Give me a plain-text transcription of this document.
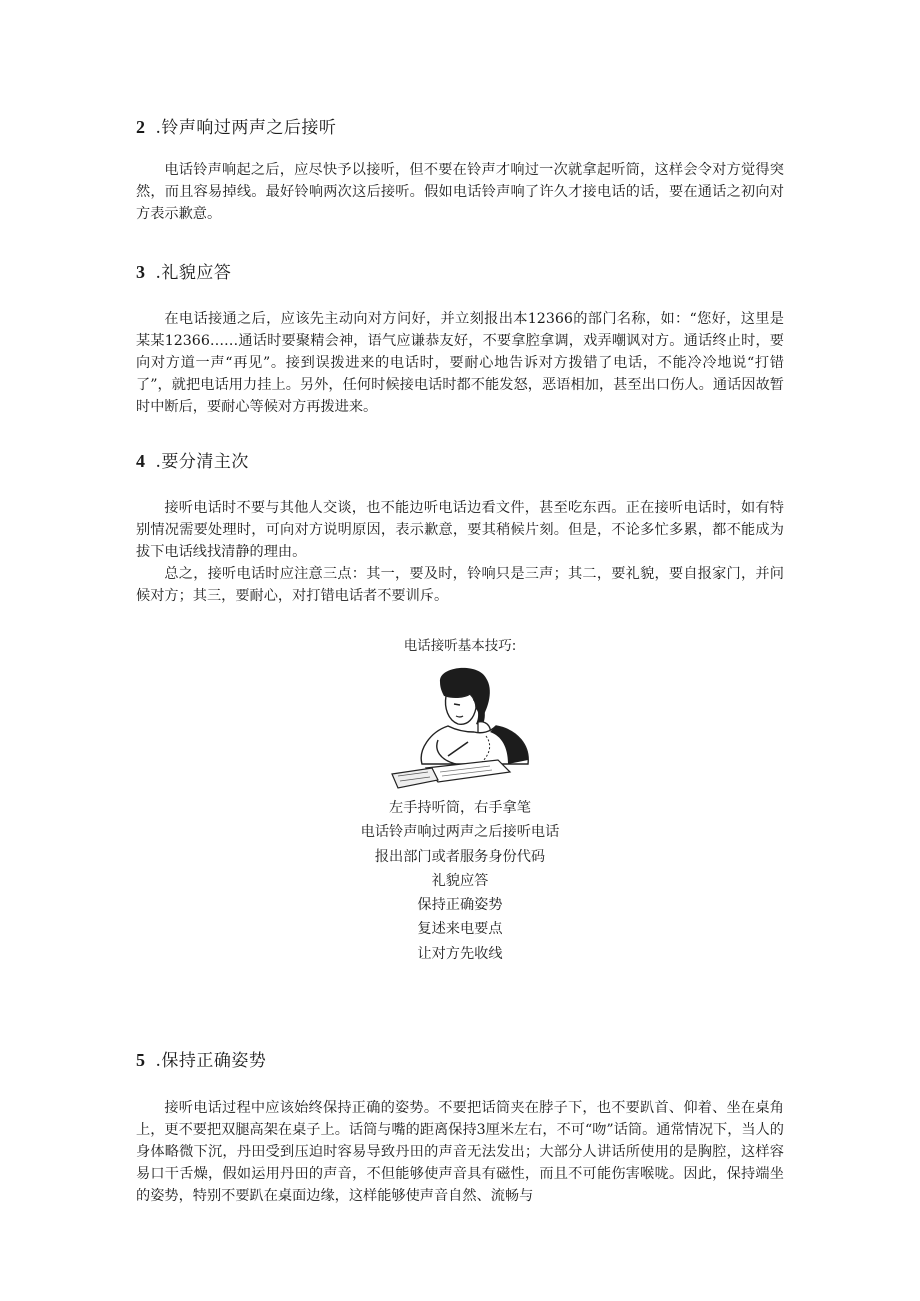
2 .铃声响过两声之后接听

电话铃声响起之后，应尽快予以接听，但不要在铃声才响过一次就拿起听筒，这样会令对方觉得突然，而且容易掉线。最好铃响两次这后接听。假如电话铃声响了许久才接电话的话，要在通话之初向对方表示歉意。

3 .礼貌应答

在电话接通之后，应该先主动向对方问好，并立刻报出本12366的部门名称，如：“您好，这里是某某12366……通话时要聚精会神，语气应谦恭友好，不要拿腔拿调，戏弄嘲讽对方。通话终止时，要向对方道一声“再见”。接到误拨进来的电话时，要耐心地告诉对方拨错了电话，不能冷冷地说“打错了”，就把电话用力挂上。另外，任何时候接电话时都不能发怒，恶语相加，甚至出口伤人。通话因故暂时中断后，要耐心等候对方再拨进来。

4 .要分清主次

接听电话时不要与其他人交谈，也不能边听电话边看文件，甚至吃东西。正在接听电话时，如有特别情况需要处理时，可向对方说明原因，表示歉意，要其稍候片刻。但是，不论多忙多累，都不能成为拔下电话线找清静的理由。

总之，接听电话时应注意三点：其一，要及时，铃响只是三声；其二，要礼貌，要自报家门，并问候对方；其三，要耐心，对打错电话者不要训斥。

电话接听基本技巧:
左手持听筒，右手拿笔
电话铃声响过两声之后接听电话
报出部门或者服务身份代码
礼貌应答
保持正确姿势
复述来电要点
让对方先收线
5 .保持正确姿势

接听电话过程中应该始终保持正确的姿势。不要把话筒夹在脖子下，也不要趴首、仰着、坐在桌角上，更不要把双腿高架在桌子上。话筒与嘴的距离保持3厘米左右，不可“吻”话筒。通常情况下，当人的身体略微下沉，丹田受到压迫时容易导致丹田的声音无法发出；大部分人讲话所使用的是胸腔，这样容易口干舌燥，假如运用丹田的声音，不但能够使声音具有磁性，而且不可能伤害喉咙。因此，保持端坐的姿势，特别不要趴在桌面边缘，这样能够使声音自然、流畅与
